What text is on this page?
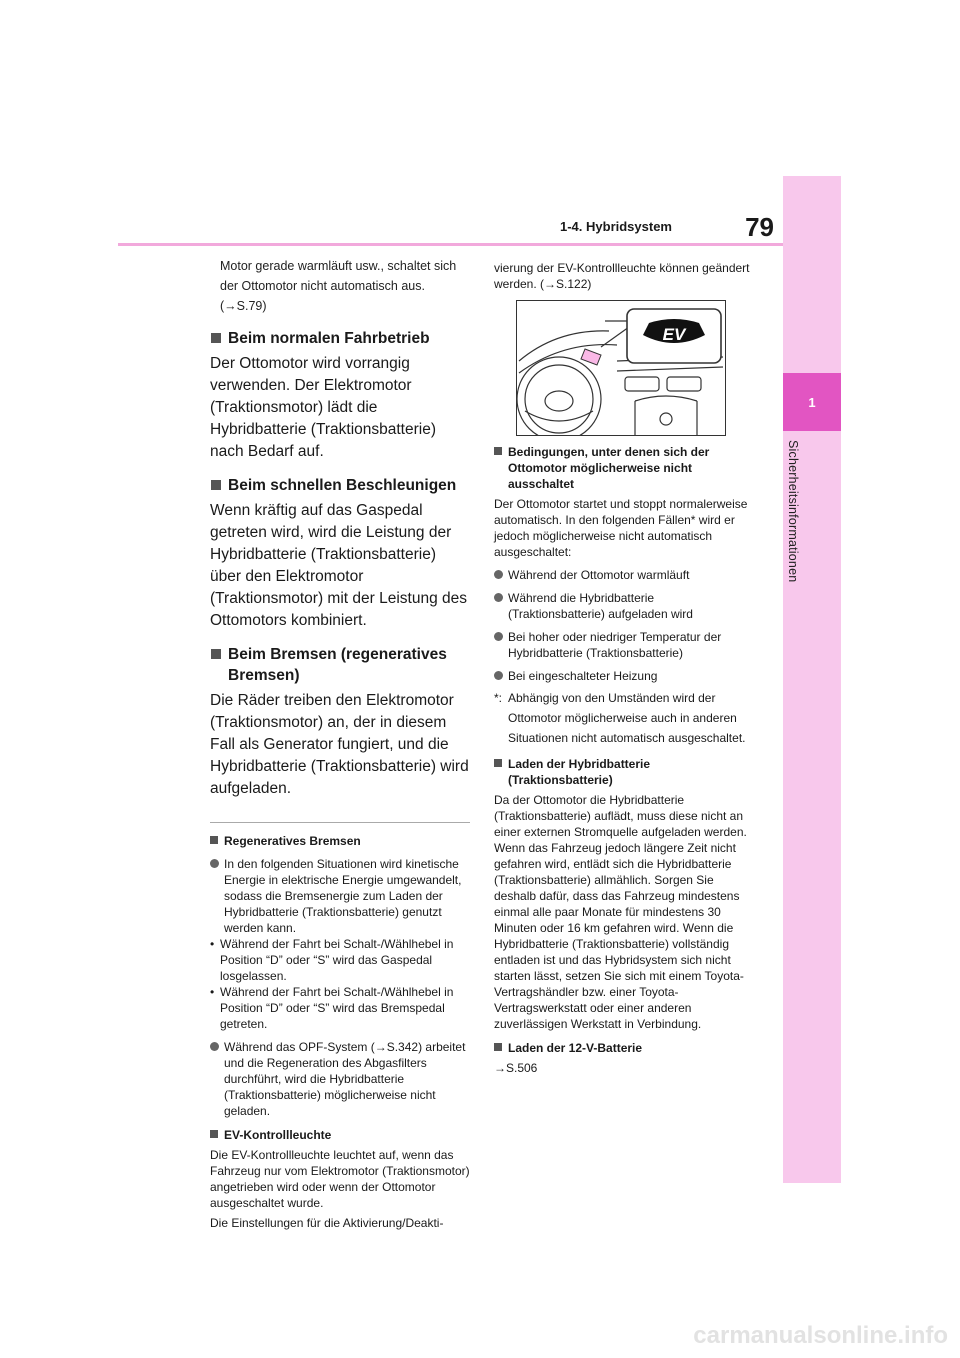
1-4. Hybridsystem	79
1
Sicherheitsinformationen

Motor gerade warmläuft usw., schaltet sich der Ottomotor nicht automatisch aus. (→S.79)

Beim normalen Fahrbetrieb

Der Ottomotor wird vorrangig verwenden. Der Elektromotor (Traktionsmotor) lädt die Hybridbatterie (Traktionsbatterie) nach Bedarf auf.

Beim schnellen Beschleunigen

Wenn kräftig auf das Gaspedal getreten wird, wird die Leistung der Hybridbatterie (Traktionsbatterie) über den Elektromotor (Traktionsmotor) mit der Leistung des Ottomotors kombiniert.

Beim Bremsen (regeneratives Bremsen)

Die Räder treiben den Elektromotor (Traktionsmotor) an, der in diesem Fall als Generator fungiert, und die Hybridbatterie (Traktionsbatterie) wird aufgeladen.

Regeneratives Bremsen

In den folgenden Situationen wird kinetische Energie in elektrische Energie umgewandelt, sodass die Bremsenergie zum Laden der Hybridbatterie (Traktionsbatterie) genutzt werden kann.

• Während der Fahrt bei Schalt-/Wählhebel in Position “D” oder “S” wird das Gaspedal losgelassen.

• Während der Fahrt bei Schalt-/Wählhebel in Position “D” oder “S” wird das Bremspedal getreten.

Während das OPF-System (→S.342) arbeitet und die Regeneration des Abgasfilters durchführt, wird die Hybridbatterie (Traktionsbatterie) möglicherweise nicht geladen.

EV-Kontrollleuchte

Die EV-Kontrollleuchte leuchtet auf, wenn das Fahrzeug nur vom Elektromotor (Traktionsmotor) angetrieben wird oder wenn der Ottomotor ausgeschaltet wurde.

Die Einstellungen für die Aktivierung/Deakti-

vierung der EV-Kontrollleuchte können geändert werden. (→S.122)

EV

Bedingungen, unter denen sich der Ottomotor möglicherweise nicht ausschaltet

Der Ottomotor startet und stoppt normalerweise automatisch. In den folgenden Fällen* wird er jedoch möglicherweise nicht automatisch ausgeschaltet:

Während der Ottomotor warmläuft

Während die Hybridbatterie (Traktionsbatterie) aufgeladen wird

Bei hoher oder niedriger Temperatur der Hybridbatterie (Traktionsbatterie)

Bei eingeschalteter Heizung

*: Abhängig von den Umständen wird der Ottomotor möglicherweise auch in anderen Situationen nicht automatisch ausgeschaltet.

Laden der Hybridbatterie (Traktionsbatterie)

Da der Ottomotor die Hybridbatterie (Traktionsbatterie) auflädt, muss diese nicht an einer externen Stromquelle aufgeladen werden. Wenn das Fahrzeug jedoch längere Zeit nicht gefahren wird, entlädt sich die Hybridbatterie (Traktionsbatterie) allmählich. Sorgen Sie deshalb dafür, dass das Fahrzeug mindestens einmal alle paar Monate für mindestens 30 Minuten oder 16 km gefahren wird. Wenn die Hybridbatterie (Traktionsbatterie) vollständig entladen ist und das Hybridsystem sich nicht starten lässt, setzen Sie sich mit einem Toyota-Vertragshändler bzw. einer Toyota-Vertragswerkstatt oder einer anderen zuverlässigen Werkstatt in Verbindung.

Laden der 12-V-Batterie

→S.506

carmanualsonline.info
